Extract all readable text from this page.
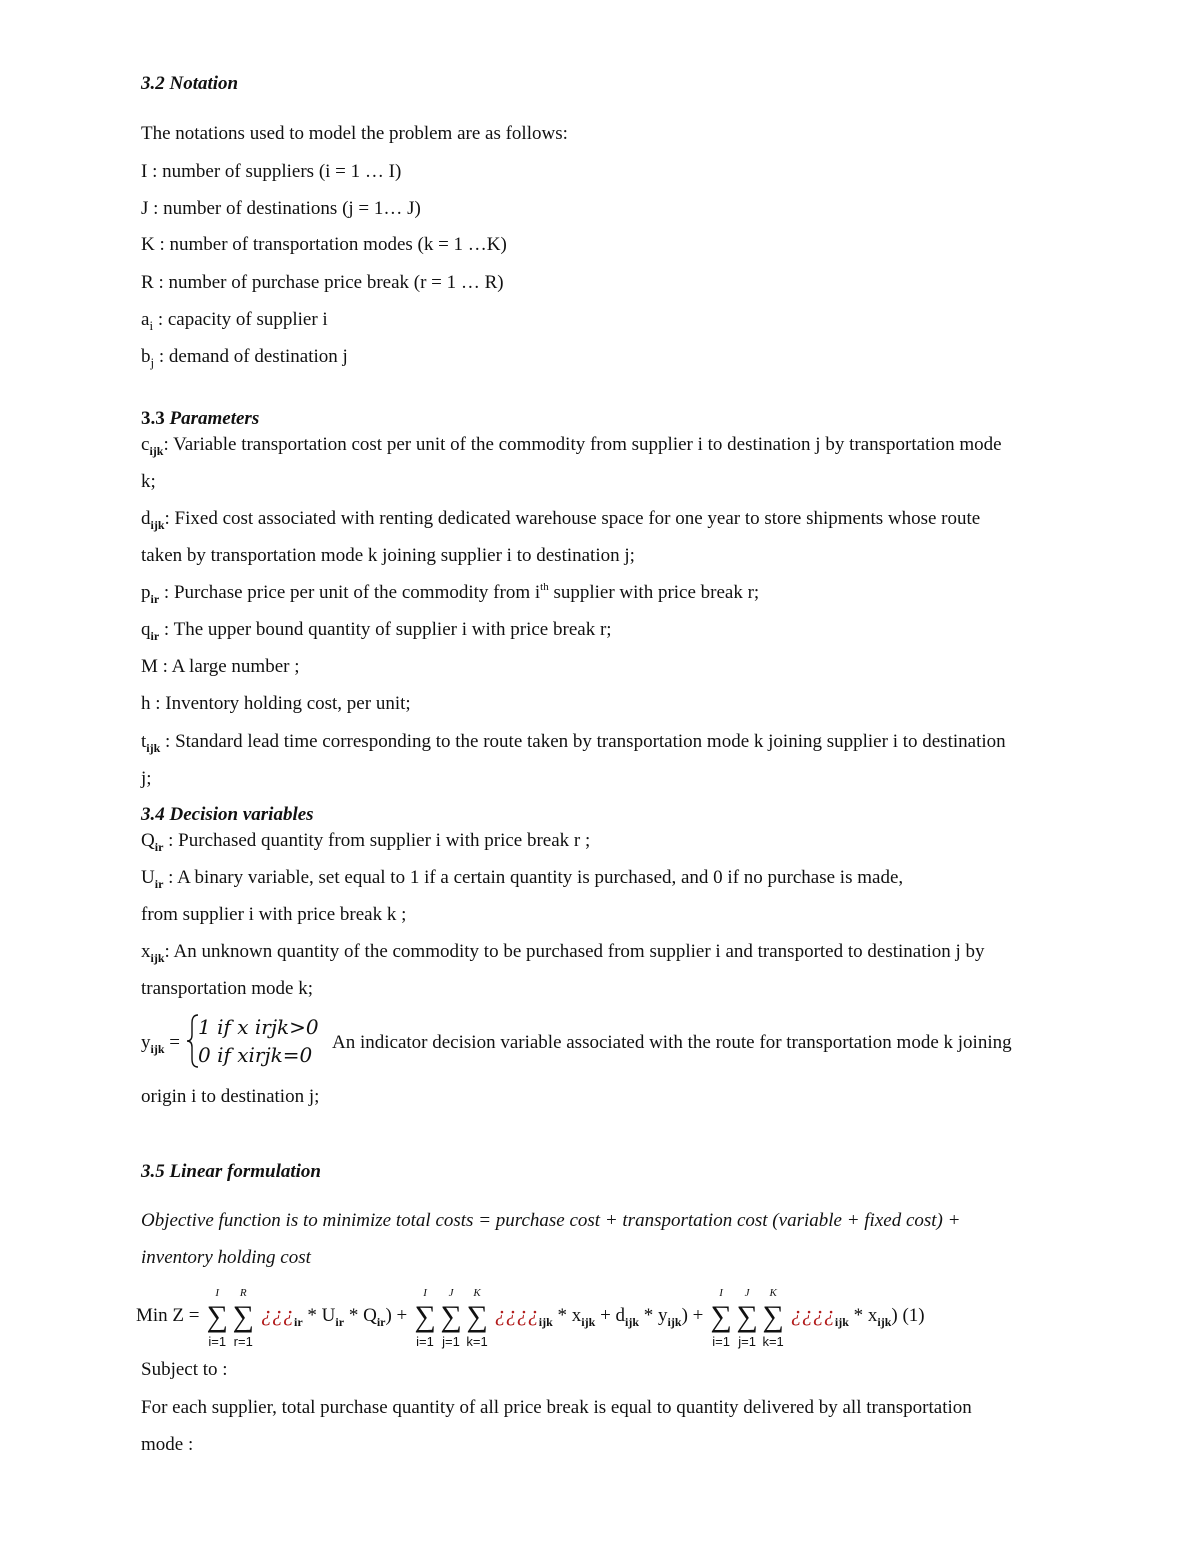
3.2 Notation
The notations used to model the problem are as follows:
I : number of suppliers (i = 1 … I)
J : number of destinations (j = 1… J)
K : number of transportation modes (k = 1 …K)
R : number of purchase price break (r = 1 … R)
$a_i$ : capacity of supplier i
$b_j$ : demand of destination j
3.3 Parameters
$c_{ijk}$: Variable transportation cost per unit of the commodity from supplier i to destination j by transportation mode
k;
$d_{ijk}$: Fixed cost associated with renting dedicated warehouse space for one year to store shipments whose route
taken by transportation mode k joining supplier i to destination j;
$p_{ir}$ : Purchase price per unit of the commodity from $i^{th}$ supplier with price break r;
$q_{ir}$ : The upper bound quantity of supplier i with price break r;
M : A large number ;
h : Inventory holding cost, per unit;
$t_{ijk}$ : Standard lead time corresponding to the route taken by transportation mode k joining supplier i to destination
j;
3.4 Decision variables
$Q_{ir}$ : Purchased quantity from supplier i with price break r ;
$U_{ir}$ : A binary variable, set equal to 1 if a certain quantity is purchased, and 0 if no purchase is made,
from supplier i with price break k ;
$x_{ijk}$: An unknown quantity of the commodity to be purchased from supplier i and transported to destination j by
transportation mode k;
$y_{ijk}$ =
1 if x irjk>0
0 if xirjk=0
An indicator decision variable associated with the route for transportation mode k joining
origin i to destination j;
3.5 Linear formulation
Objective function is to minimize total costs = purchase cost + transportation cost (variable + fixed cost) +
inventory holding cost
Min Z =
I
∑
i=1
R
∑
r=1
¿¿¿$_{ir} * U_{ir} * Q_{ir}$) +
I
∑
i=1
J
∑
j=1
K
∑
k=1
¿¿¿¿$_{ijk} * x_{ijk} + d_{ijk} * y_{ijk}$) +
I
∑
i=1
J
∑
j=1
K
∑
k=1
¿¿¿¿$_{ijk} * x_{ijk}$) (1)
Subject to :
For each supplier, total purchase quantity of all price break is equal to quantity delivered by all transportation
mode :
